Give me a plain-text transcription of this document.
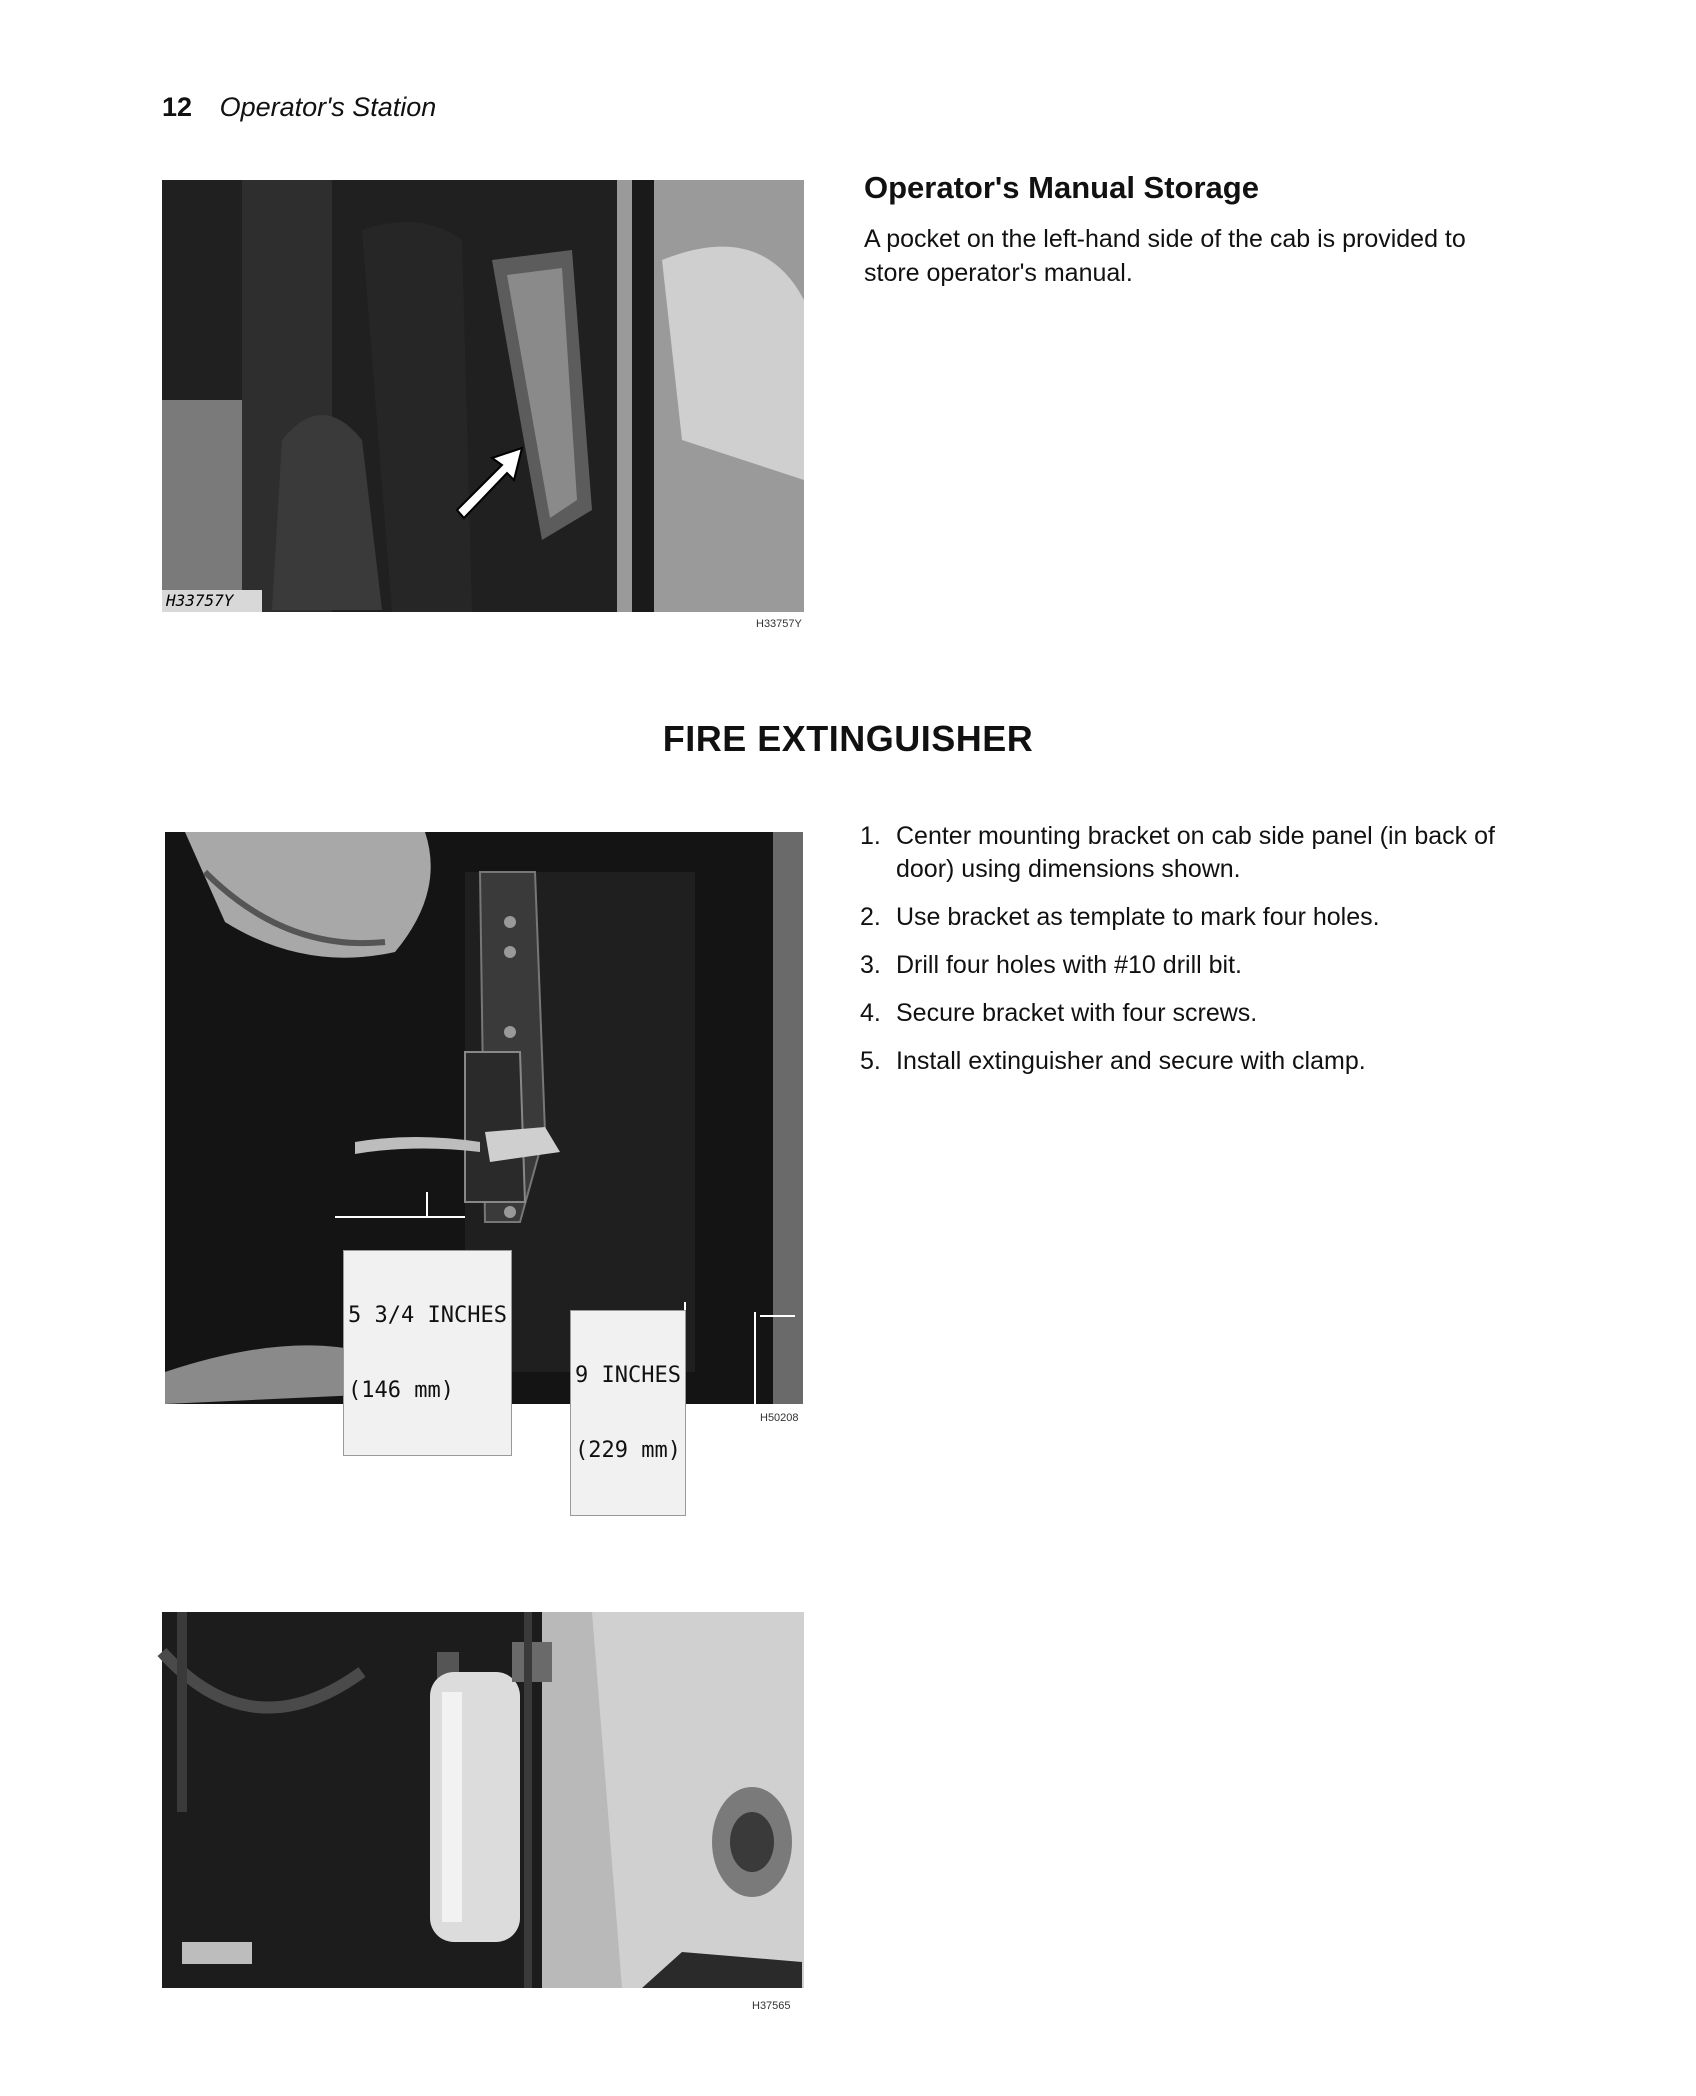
12 Operator's Station
H33757Y
H33757Y
Operator's Manual Storage
A pocket on the left-hand side of the cab is provided to store operator's manual.
FIRE EXTINGUISHER

5 3/4 INCHES

(146 mm)

9 INCHES

(229 mm)

H50208
1. Center mounting bracket on cab side panel (in back of door) using dimensions shown.
2. Use bracket as template to mark four holes.
3. Drill four holes with #10 drill bit.
4. Secure bracket with four screws.
5. Install extinguisher and secure with clamp.
H37565
